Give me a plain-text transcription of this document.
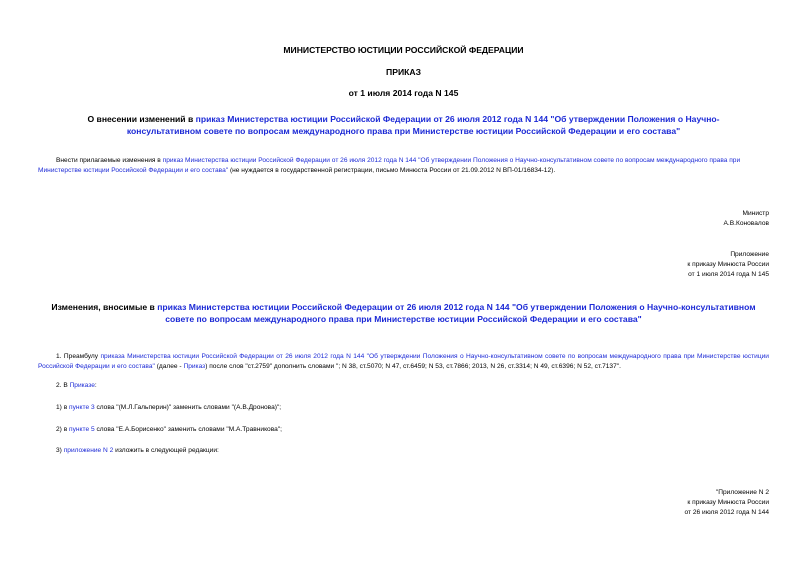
МИНИСТЕРСТВО ЮСТИЦИИ РОССИЙСКОЙ ФЕДЕРАЦИИ
ПРИКАЗ
от 1 июля 2014 года N 145
О внесении изменений в приказ Министерства юстиции Российской Федерации от 26 июля 2012 года N 144 "Об утверждении Положения о Научно-консультативном совете по вопросам международного права при Министерстве юстиции Российской Федерации и его состава"
Внести прилагаемые изменения в приказ Министерства юстиции Российской Федерации от 26 июля 2012 года N 144 "Об утверждении Положения о Научно-консультативном совете по вопросам международного права при Министерстве юстиции Российской Федерации и его состава" (не нуждается в государственной регистрации, письмо Минюста России от 21.09.2012 N ВП-01/16834-12).
Министр
А.В.Коновалов
Приложение
к приказу Минюста России
от 1 июля 2014 года N 145
Изменения, вносимые в приказ Министерства юстиции Российской Федерации от 26 июля 2012 года N 144 "Об утверждении Положения о Научно-консультативном совете по вопросам международного права при Министерстве юстиции Российской Федерации и его состава"
1. Преамбулу приказа Министерства юстиции Российской Федерации от 26 июля 2012 года N 144 "Об утверждении Положения о Научно-консультативном совете по вопросам международного права при Министерстве юстиции Российской Федерации и его состава" (далее - Приказ) после слов "ст.2759" дополнить словами "; N 38, ст.5070; N 47, ст.6459; N 53, ст.7866; 2013, N 26, ст.3314; N 49, ст.6396; N 52, ст.7137".
2. В Приказе:
1) в пункте 3 слова "(М.Л.Гальперин)" заменить словами "(А.В.Дронова)";
2) в пункте 5 слова "Е.А.Борисенко" заменить словами "М.А.Травникова";
3) приложение N 2 изложить в следующей редакции:
"Приложение N 2
к приказу Минюста России
от 26 июля 2012 года N 144
